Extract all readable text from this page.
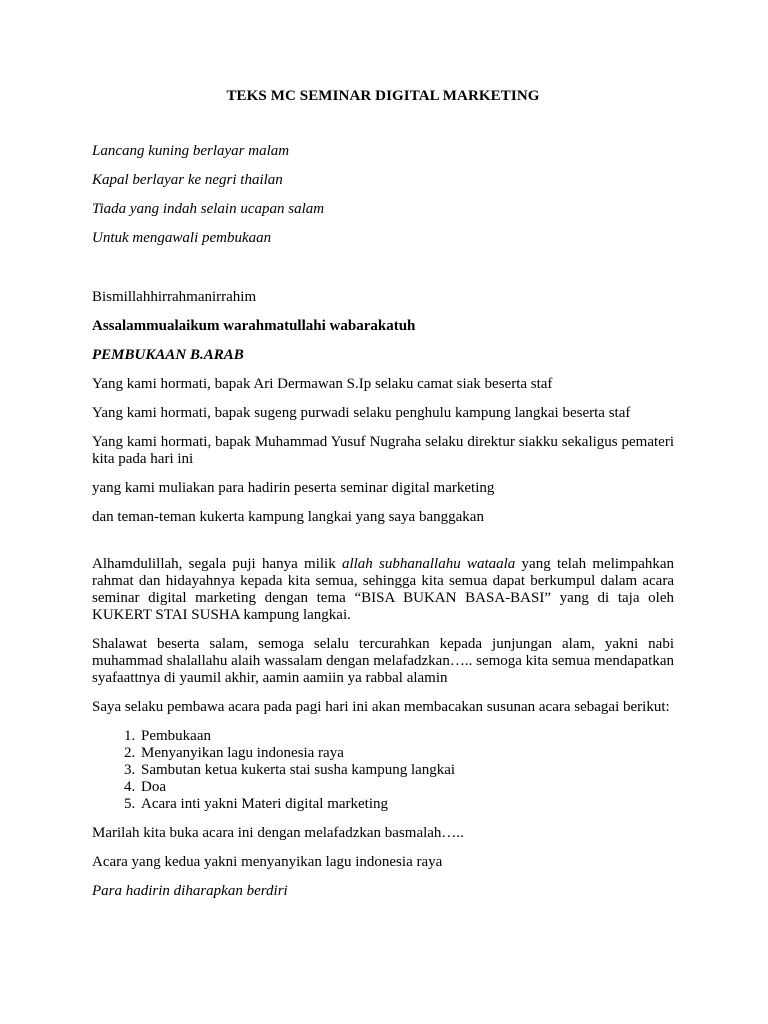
TEKS MC SEMINAR DIGITAL MARKETING
Lancang kuning berlayar malam
Kapal berlayar ke negri thailan
Tiada yang indah selain ucapan salam
Untuk mengawali pembukaan

Bismillahhirrahmanirrahim

Assalammualaikum warahmatullahi wabarakatuh

PEMBUKAAN B.ARAB

Yang kami hormati, bapak Ari Dermawan S.Ip selaku camat siak beserta staf

Yang kami hormati, bapak sugeng purwadi selaku penghulu kampung langkai beserta staf

Yang kami hormati, bapak Muhammad Yusuf Nugraha selaku direktur siakku sekaligus pemateri kita pada hari ini

yang kami muliakan para hadirin peserta seminar digital marketing

dan teman-teman kukerta kampung langkai yang saya banggakan

Alhamdulillah, segala puji hanya milik allah subhanallahu wataala yang telah melimpahkan rahmat dan hidayahnya kepada kita semua, sehingga kita semua dapat berkumpul dalam acara seminar digital marketing dengan tema “BISA BUKAN BASA-BASI” yang di taja oleh KUKERT STAI SUSHA kampung langkai.

Shalawat beserta salam, semoga selalu tercurahkan kepada junjungan alam, yakni nabi muhammad shalallahu alaih wassalam dengan melafadzkan….. semoga kita semua mendapatkan syafaattnya di yaumil akhir, aamin aamiin ya rabbal alamin

Saya selaku pembawa acara pada pagi hari ini akan membacakan susunan acara sebagai berikut:

1. Pembukaan
2. Menyanyikan lagu indonesia raya
3. Sambutan ketua kukerta stai susha kampung langkai
4. Doa
5. Acara inti yakni Materi digital marketing

Marilah kita buka acara ini dengan melafadzkan basmalah…..

Acara yang kedua yakni menyanyikan lagu indonesia raya

Para hadirin diharapkan berdiri
